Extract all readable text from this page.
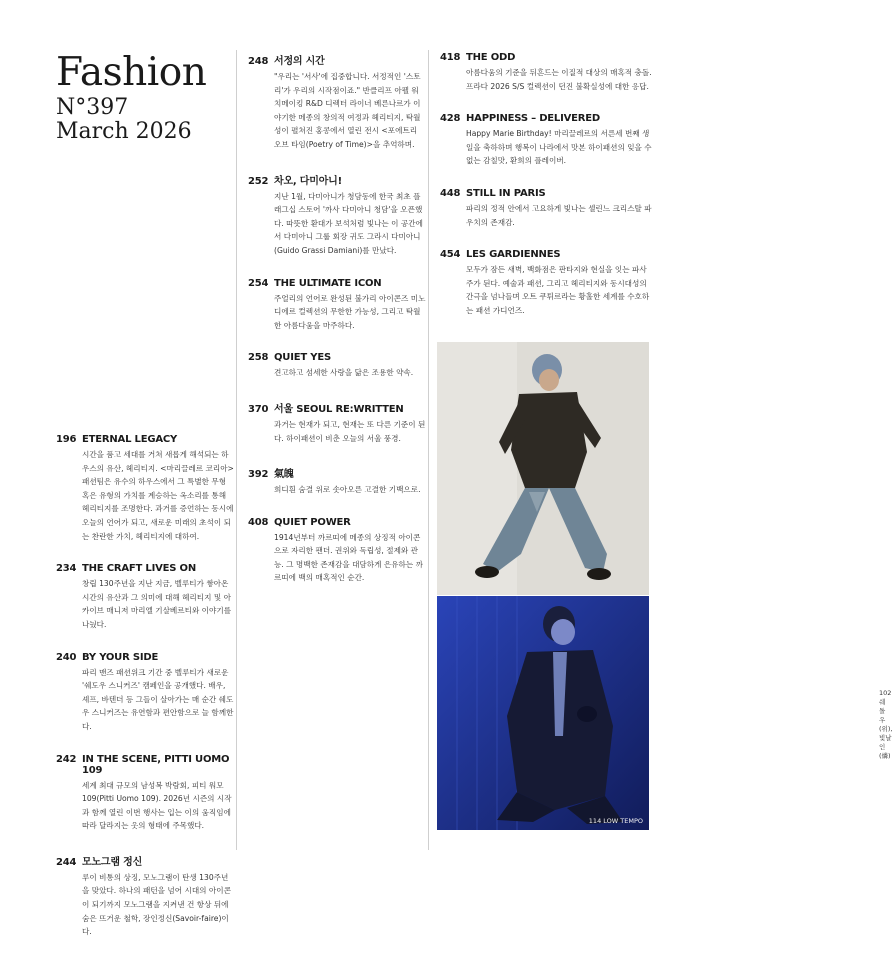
Fashion
N°397
March 2026
196 ETERNAL LEGACY
시간을 품고 세대를 거쳐 새롭게 해석되는 하우스의 유산, 헤리티지. <마리끌레르 코리아> 패션팀은 유수의 하우스에서 그 특별한 무형 혹은 유형의 가치를 계승하는 옥소리를 통해 헤리티지를 조명한다. 과거를 증언하는 동시에 오늘의 언어가 되고, 새로운 미래의 초석이 되는 찬란한 가치, 헤리티지에 대하여.
234 THE CRAFT LIVES ON
창립 130주년을 지난 지금, 벨루티가 쌓아온 시간의 유산과 그 의미에 대해 헤리티지 및 아카이브 매니저 마리엘 기살베르티와 이야기를 나눴다.
240 BY YOUR SIDE
파리 맨즈 패션위크 기간 중 벨루티가 새로운 '쉐도우 스니커즈' 캠페인을 공개했다. 배우, 셰프, 바텐더 등 그들이 살아가는 매 순간 쉐도우 스니커즈는 유연함과 편안함으로 늘 함께한다.
242 IN THE SCENE, PITTI UOMO 109
세계 최대 규모의 남성복 박람회, 피티 워모 109(Pitti Uomo 109). 2026년 시즌의 시작과 함께 열린 이번 행사는 입는 이의 움직임에 따라 달라지는 옷의 형태에 주목했다.
244 모노그램 정신
루이 비통의 상징, 모노그램이 탄생 130주년을 맞았다. 하나의 패턴을 넘어 시대의 아이콘이 되기까지 모노그램을 지켜낸 건 항상 뒤에 숨은 뜨거운 철학, 장인정신(Savoir-faire)이다.
248 서정의 시간
"우리는 '서사'에 집중합니다. 서정적인 '스토리'가 우리의 시작점이죠." 반클리프 아펠 워치메이킹 R&D 디렉터 라이너 베른나르가 이야기한 메종의 창의적 여정과 헤리티지, 탁월성이 펼쳐진 홍콩에서 열린 전시 <포에트리 오브 타임(Poetry of Time)>을 추억하며.
252 차오, 다미아니!
지난 1월, 다미아니가 청담동에 한국 최초 플래그십 스토어 '까사 다미아니 청담'을 오픈했다. 따뜻한 환대가 보석처럼 빛나는 이 공간에서 다미아니 그룹 회장 귀도 그라시 다미아니(Guido Grassi Damiani)를 만났다.
254 THE ULTIMATE ICON
주얼리의 언어로 완성된 불가리 아이콘즈 미노디에르 컬렉션의 무한한 가능성, 그리고 탁월한 아름다움을 마주하다.
258 QUIET YES
견고하고 섬세한 사랑을 닮은 조용한 약속.
370 서울 SEOUL RE:WRITTEN
과거는 현재가 되고, 현재는 또 다른 기준이 된다. 하이패션이 비춘 오늘의 서울 풍경.
392 氣魄
희디흰 숨결 위로 솟아오른 고결한 기백으로.
408 QUIET POWER
1914년부터 까르띠에 메종의 상징적 아이콘으로 자리한 팬더. 권위와 독립성, 절제와 관능. 그 명백한 존재감을 대담하게 은유하는 까르띠에 백의 매혹적인 순간.
418 THE ODD
아름다움의 기준을 뒤흔드는 이질적 대상의 매혹적 충돌. 프라다 2026 S/S 컬렉션이 던진 불확실성에 대한 응답.
428 HAPPINESS – DELIVERED
Happy Marie Birthday! 마리끌레르의 서른세 번째 생일을 축하하며 행복이 나라에서 맛본 하이패션의 잊을 수 없는 감칠맛, 환희의 플레이버.
448 STILL IN PARIS
파리의 정적 안에서 고요하게 빛나는 셀린느 크리스탈 파우치의 존재감.
454 LES GARDIENNES
모두가 잠든 새벽, 백화점은 판타지와 현실을 잇는 파사주가 된다. 예술과 패션, 그리고 헤리티지와 동시대성의 간극을 넘나들며 오트 쿠튀르라는 황홀한 세계를 수호하는 패션 가디언즈.
102 쉐 돌 우(위), 빛날 인(燐)
114 LOW TEMPO
